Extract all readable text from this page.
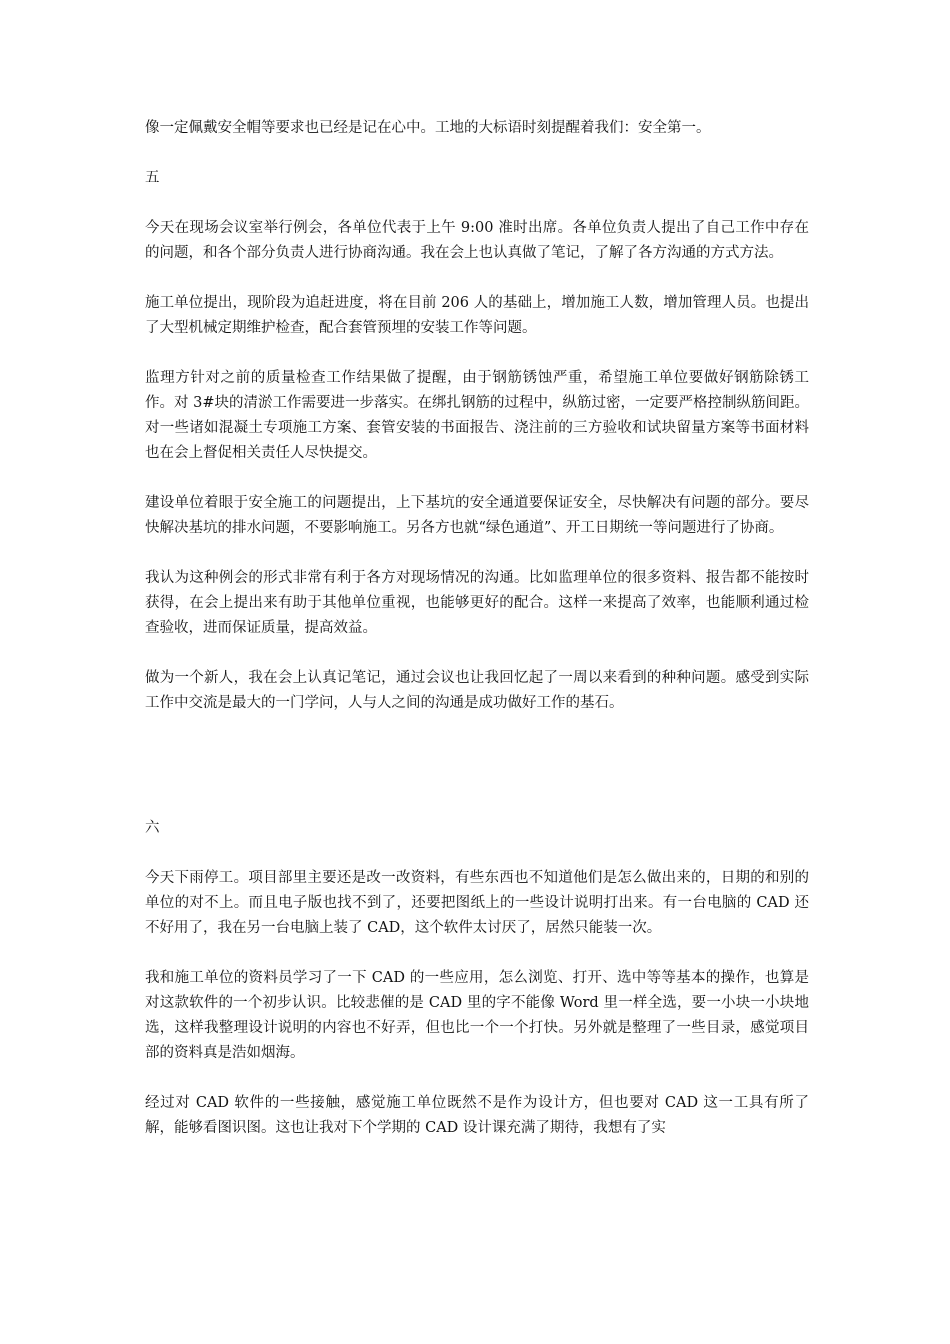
像一定佩戴安全帽等要求也已经是记在心中。工地的大标语时刻提醒着我们：安全第一。

五

今天在现场会议室举行例会，各单位代表于上午 9:00 准时出席。各单位负责人提出了自己工作中存在的问题，和各个部分负责人进行协商沟通。我在会上也认真做了笔记，了解了各方沟通的方式方法。

施工单位提出，现阶段为追赶进度，将在目前 206 人的基础上，增加施工人数，增加管理人员。也提出了大型机械定期维护检查，配合套管预埋的安装工作等问题。

监理方针对之前的质量检查工作结果做了提醒，由于钢筋锈蚀严重，希望施工单位要做好钢筋除锈工作。对 3#块的清淤工作需要进一步落实。在绑扎钢筋的过程中，纵筋过密，一定要严格控制纵筋间距。对一些诸如混凝土专项施工方案、套管安装的书面报告、浇注前的三方验收和试块留量方案等书面材料也在会上督促相关责任人尽快提交。

建设单位着眼于安全施工的问题提出，上下基坑的安全通道要保证安全，尽快解决有问题的部分。要尽快解决基坑的排水问题，不要影响施工。另各方也就“绿色通道”、开工日期统一等问题进行了协商。

我认为这种例会的形式非常有利于各方对现场情况的沟通。比如监理单位的很多资料、报告都不能按时获得，在会上提出来有助于其他单位重视，也能够更好的配合。这样一来提高了效率，也能顺利通过检查验收，进而保证质量，提高效益。

做为一个新人，我在会上认真记笔记，通过会议也让我回忆起了一周以来看到的种种问题。感受到实际工作中交流是最大的一门学问，人与人之间的沟通是成功做好工作的基石。

六

今天下雨停工。项目部里主要还是改一改资料，有些东西也不知道他们是怎么做出来的，日期的和别的单位的对不上。而且电子版也找不到了，还要把图纸上的一些设计说明打出来。有一台电脑的 CAD 还不好用了，我在另一台电脑上装了 CAD，这个软件太讨厌了，居然只能装一次。

我和施工单位的资料员学习了一下 CAD 的一些应用，怎么浏览、打开、选中等等基本的操作，也算是对这款软件的一个初步认识。比较悲催的是 CAD 里的字不能像 Word 里一样全选，要一小块一小块地选，这样我整理设计说明的内容也不好弄，但也比一个一个打快。另外就是整理了一些目录，感觉项目部的资料真是浩如烟海。

经过对 CAD 软件的一些接触，感觉施工单位既然不是作为设计方，但也要对 CAD 这一工具有所了解，能够看图识图。这也让我对下个学期的 CAD 设计课充满了期待，我想有了实
